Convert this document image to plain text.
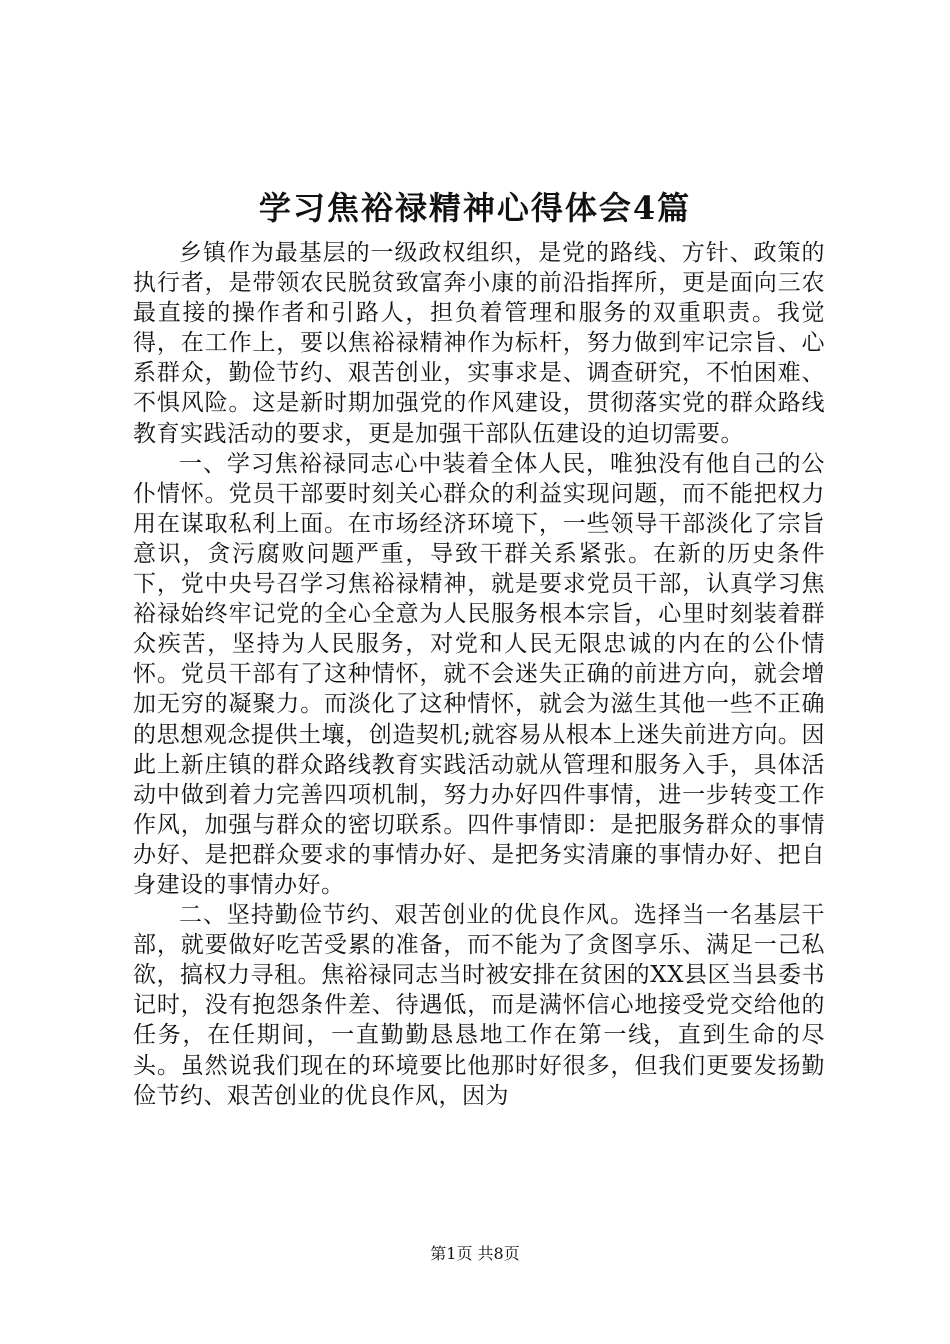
学习焦裕禄精神心得体会4篇

乡镇作为最基层的一级政权组织，是党的路线、方针、政策的执行者，是带领农民脱贫致富奔小康的前沿指挥所，更是面向三农最直接的操作者和引路人，担负着管理和服务的双重职责。我觉得，在工作上，要以焦裕禄精神作为标杆，努力做到牢记宗旨、心系群众，勤俭节约、艰苦创业，实事求是、调查研究，不怕困难、不惧风险。这是新时期加强党的作风建设，贯彻落实党的群众路线教育实践活动的要求，更是加强干部队伍建设的迫切需要。

一、学习焦裕禄同志心中装着全体人民，唯独没有他自己的公仆情怀。党员干部要时刻关心群众的利益实现问题，而不能把权力用在谋取私利上面。在市场经济环境下，一些领导干部淡化了宗旨意识，贪污腐败问题严重，导致干群关系紧张。在新的历史条件下，党中央号召学习焦裕禄精神，就是要求党员干部，认真学习焦裕禄始终牢记党的全心全意为人民服务根本宗旨，心里时刻装着群众疾苦，坚持为人民服务，对党和人民无限忠诚的内在的公仆情怀。党员干部有了这种情怀，就不会迷失正确的前进方向，就会增加无穷的凝聚力。而淡化了这种情怀，就会为滋生其他一些不正确的思想观念提供土壤，创造契机;就容易从根本上迷失前进方向。因此上新庄镇的群众路线教育实践活动就从管理和服务入手，具体活动中做到着力完善四项机制，努力办好四件事情，进一步转变工作作风，加强与群众的密切联系。四件事情即：是把服务群众的事情办好、是把群众要求的事情办好、是把务实清廉的事情办好、把自身建设的事情办好。

二、坚持勤俭节约、艰苦创业的优良作风。选择当一名基层干部，就要做好吃苦受累的准备，而不能为了贪图享乐、满足一己私欲，搞权力寻租。焦裕禄同志当时被安排在贫困的XX县区当县委书记时，没有抱怨条件差、待遇低，而是满怀信心地接受党交给他的任务，在任期间，一直勤勤恳恳地工作在第一线，直到生命的尽头。虽然说我们现在的环境要比他那时好很多，但我们更要发扬勤俭节约、艰苦创业的优良作风，因为

第1页 共8页
